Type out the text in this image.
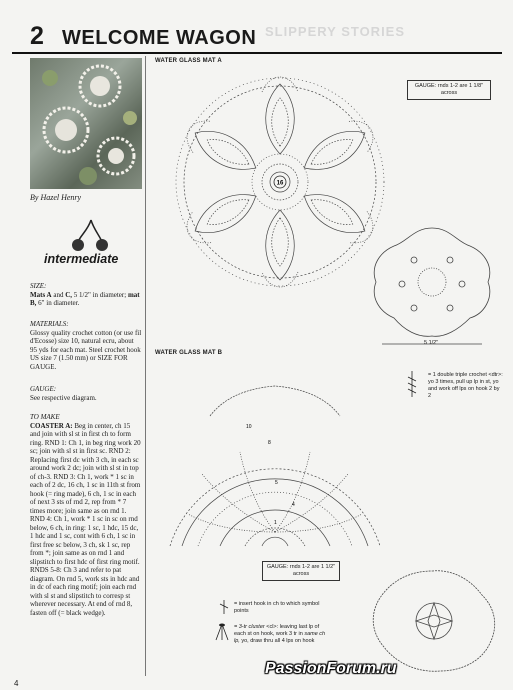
SLIPPERY STORIES
2 WELCOME WAGON
By Hazel Henry
intermediate
SIZE:
Mats A and C, 5 1/2" in diameter; mat B, 6" in diameter.
MATERIALS:
Glossy quality crochet cotton (or use fil d'Ecosse) size 10, natural ecru, about 95 yds for each mat. Steel crochet hook US size 7 (1.50 mm) or SIZE FOR GAUGE.
GAUGE:
See respective diagram.
TO MAKE
COASTER A: Beg in center, ch 15 and join with sl st in first ch to form ring. RND 1: Ch 1, in beg ring work 20 sc; join with sl st in first sc. RND 2: Replacing first dc with 3 ch, in each sc around work 2 dc; join with sl st in top of ch-3. RND 3: Ch 1, work * 1 sc in each of 2 dc, 16 ch, 1 sc in 11th st from hook (= ring made), 6 ch, 1 sc in each of next 3 sts of rnd 2, rep from * 7 times more; join same as on rnd 1. RND 4: Ch 1, work * 1 sc in sc on rnd below, 6 ch, in ring: 1 sc, 1 hdc, 15 dc, 1 hdc and 1 sc, cont with 6 ch, 1 sc in first free sc below, 3 ch, sk 1 sc, rep from *; join same as on rnd 1 and slipstitch to first hdc of first ring motif. RNDS 5-8: Ch 3 and refer to pat diagram. On rnd 5, work sts in hdc and in dc of each ring motif; join each rnd with sl st and slipstitch to corresp st wherever necessary. At end of rnd 8, fasten off (= black wedge).
WATER GLASS MAT A
WATER GLASS MAT B
16
GAUGE: rnds 1-2 are 1 1/8" across
5 1/2"
10
8
5
1
4
= 1 double triple crochet <dtr>: yo 3 times, pull up lp in st, yo and work off lps on hook 2 by 2
GAUGE: rnds 1-2 are 1 1/2" across
= insert hook in ch to which symbol points
= 3-tr cluster <cl>: leaving last lp of each st on hook, work 3 tr in same ch lp, yo, draw thru all 4 lps on hook
4
PassionForum.ru
